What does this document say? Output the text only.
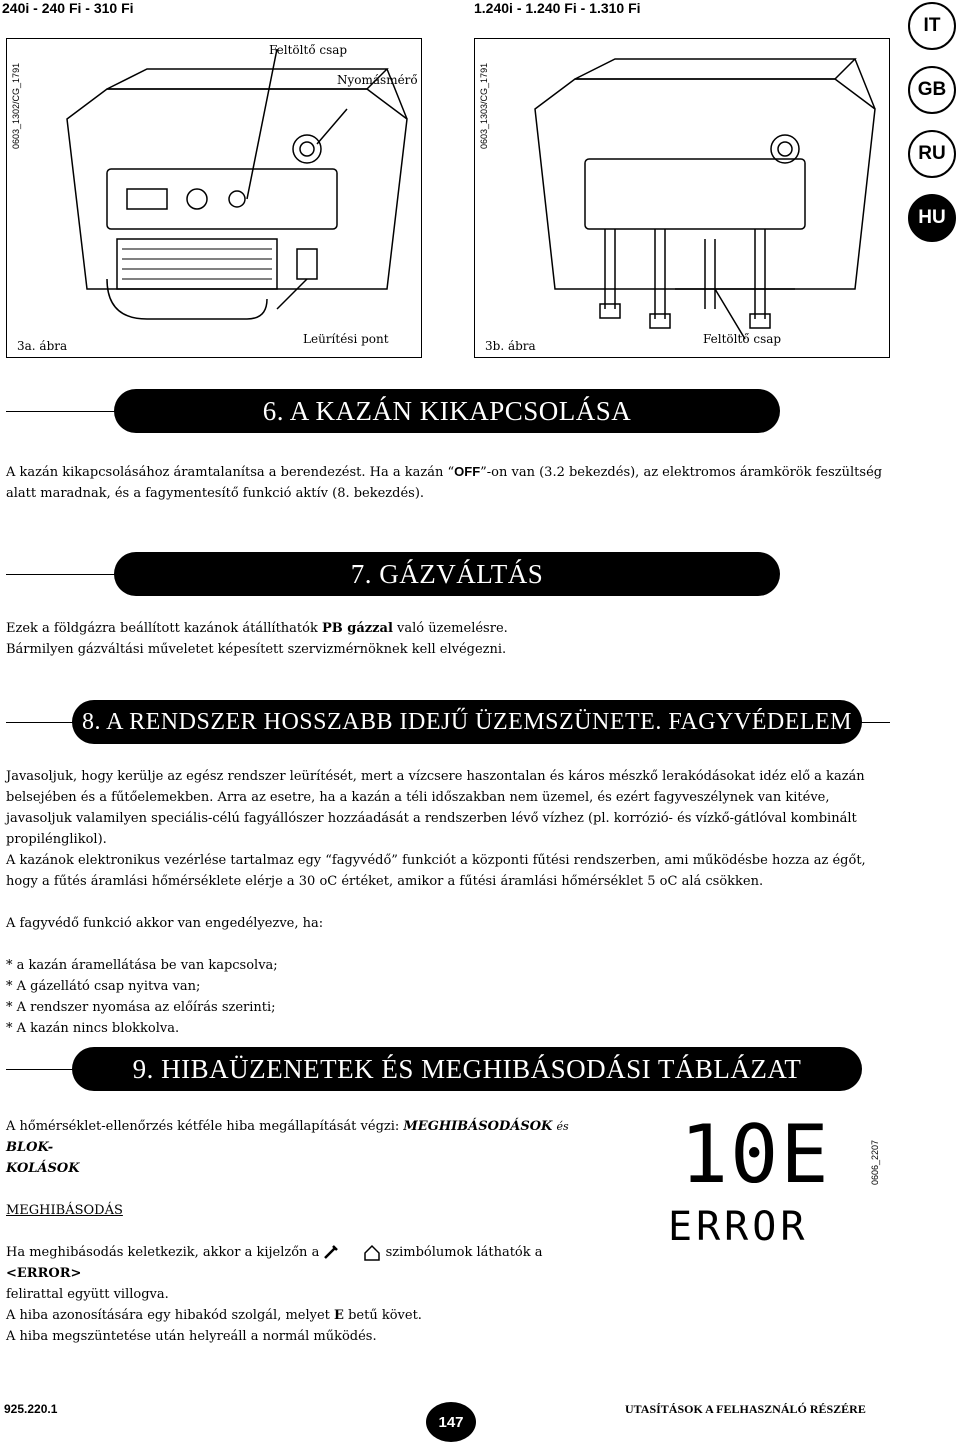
240i - 240 Fi - 310 Fi	1.240i - 1.240 Fi - 1.310 Fi
IT
GB
RU
HU
0603_1302/CG_1791
Feltöltő csap
Nyomásmérő
Leürítési pont
3a. ábra
0603_1303/CG_1791
3b. ábra	Feltöltő csap
6. A KAZÁN KIKAPCSOLÁSA

A kazán kikapcsolásához áramtalanítsa a berendezést. Ha a kazán “OFF”-on van (3.2 bekezdés), az elektromos áramkörök feszültség alatt maradnak, és a fagymentesítő funkció aktív (8. bekezdés).

7. GÁZVÁLTÁS

Ezek a földgázra beállított kazánok átállíthatók PB gázzal való üzemelésre.

Bármilyen gázváltási műveletet képesített szervizmérnöknek kell elvégezni.

8. A RENDSZER HOSSZABB IDEJŰ ÜZEMSZÜNETE. FAGYVÉDELEM

Javasoljuk, hogy kerülje az egész rendszer leürítését, mert a vízcsere haszontalan és káros mészkő lerakódásokat idéz elő a kazán belsejében és a fűtőelemekben. Arra az esetre, ha a kazán a téli időszakban nem üzemel, és ezért fagyveszélynek van kitéve, javasoljuk valamilyen speciális-célú fagyállószer hozzáadását a rendszerben lévő vízhez (pl. korrózió- és vízkő-gátlóval kombinált propilénglikol).

A kazánok elektronikus vezérlése tartalmaz egy “fagyvédő” funkciót a központi fűtési rendszerben, ami működésbe hozza az égőt, hogy a fűtés áramlási hőmérséklete elérje a 30 oC értéket, amikor a fűtési áramlási hőmérséklet 5 oC alá csökken.

A fagyvédő funkció akkor van engedélyezve, ha:

* a kazán áramellátása be van kapcsolva;

* A gázellátó csap nyitva van;

* A rendszer nyomása az előírás szerinti;

* A kazán nincs blokkolva.

9. HIBAÜZENETEK ÉS MEGHIBÁSODÁSI TÁBLÁZAT

A hőmérséklet-ellenőrzés kétféle hiba megállapítását végzi: MEGHIBÁSODÁSOK és BLOK-
KOLÁSOK

MEGHIBÁSODÁS

Ha meghibásodás keletkezik, akkor a kijelzőn a	szimbólumok láthatók a <ERROR>

felirattal együtt villogva.

A hiba azonosítására egy hibakód szolgál, melyet E betű követ.

A hiba megszüntetése után helyreáll a normál működés.

10E
ERROR
0606_2207
925.220.1
147
UTASÍTÁSOK A FELHASZNÁLÓ RÉSZÉRE
